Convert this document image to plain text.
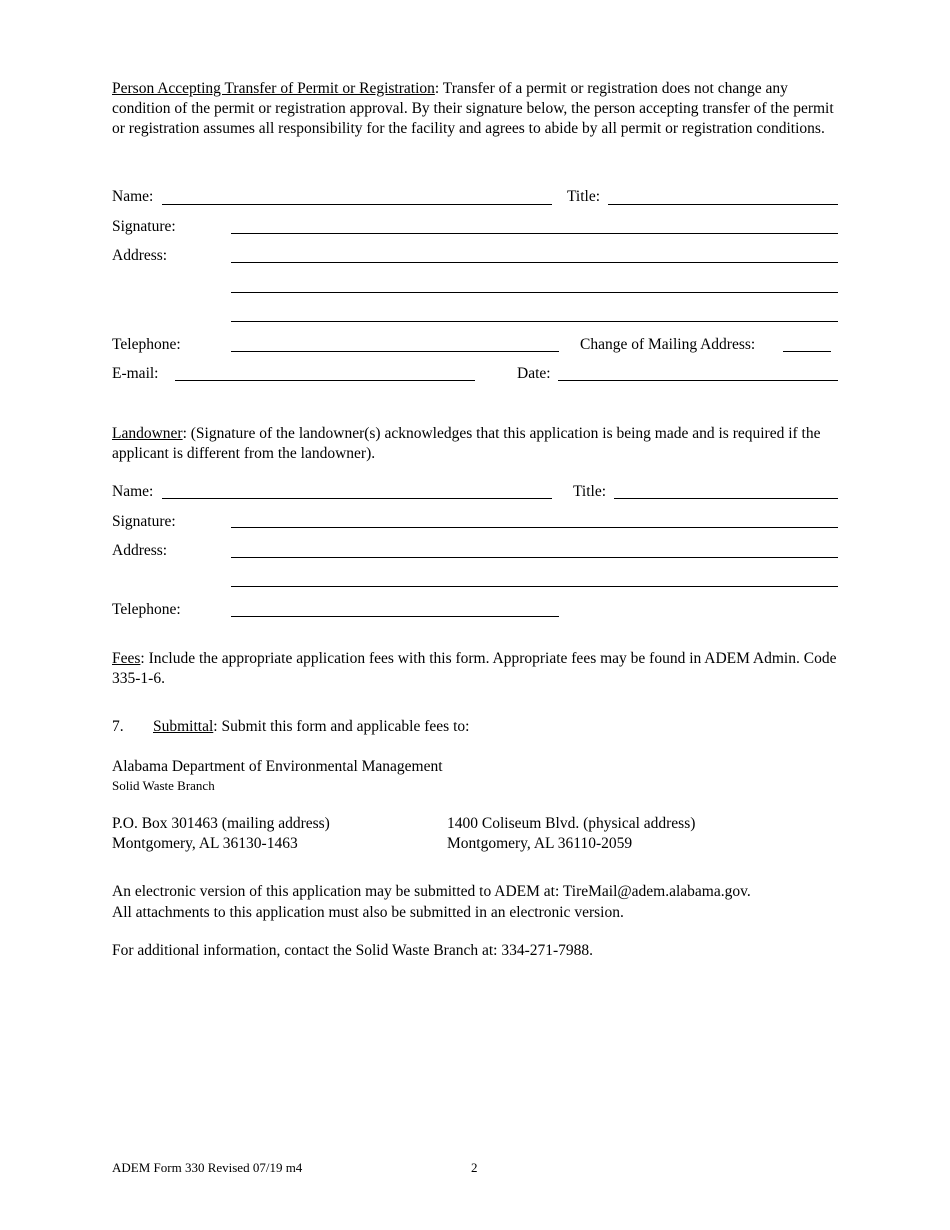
Person Accepting Transfer of Permit or Registration: Transfer of a permit or registration does not change any condition of the permit or registration approval. By their signature below, the person accepting transfer of the permit or registration assumes all responsibility for the facility and agrees to abide by all permit or registration conditions.
Name:	Title:
Signature:
Address:
Telephone:	Change of Mailing Address:
E-mail:	Date:
Landowner: (Signature of the landowner(s) acknowledges that this application is being made and is required if the applicant is different from the landowner).
Name:	Title:
Signature:
Address:
Telephone:
Fees: Include the appropriate application fees with this form. Appropriate fees may be found in ADEM Admin. Code 335-1-6.
7. Submittal: Submit this form and applicable fees to:
Alabama Department of Environmental Management
Solid Waste Branch
P.O. Box 301463 (mailing address)
Montgomery, AL 36130-1463
1400 Coliseum Blvd. (physical address)
Montgomery, AL 36110-2059
An electronic version of this application may be submitted to ADEM at: TireMail@adem.alabama.gov.
All attachments to this application must also be submitted in an electronic version.
For additional information, contact the Solid Waste Branch at: 334-271-7988.
ADEM Form 330 Revised 07/19 m4	2
